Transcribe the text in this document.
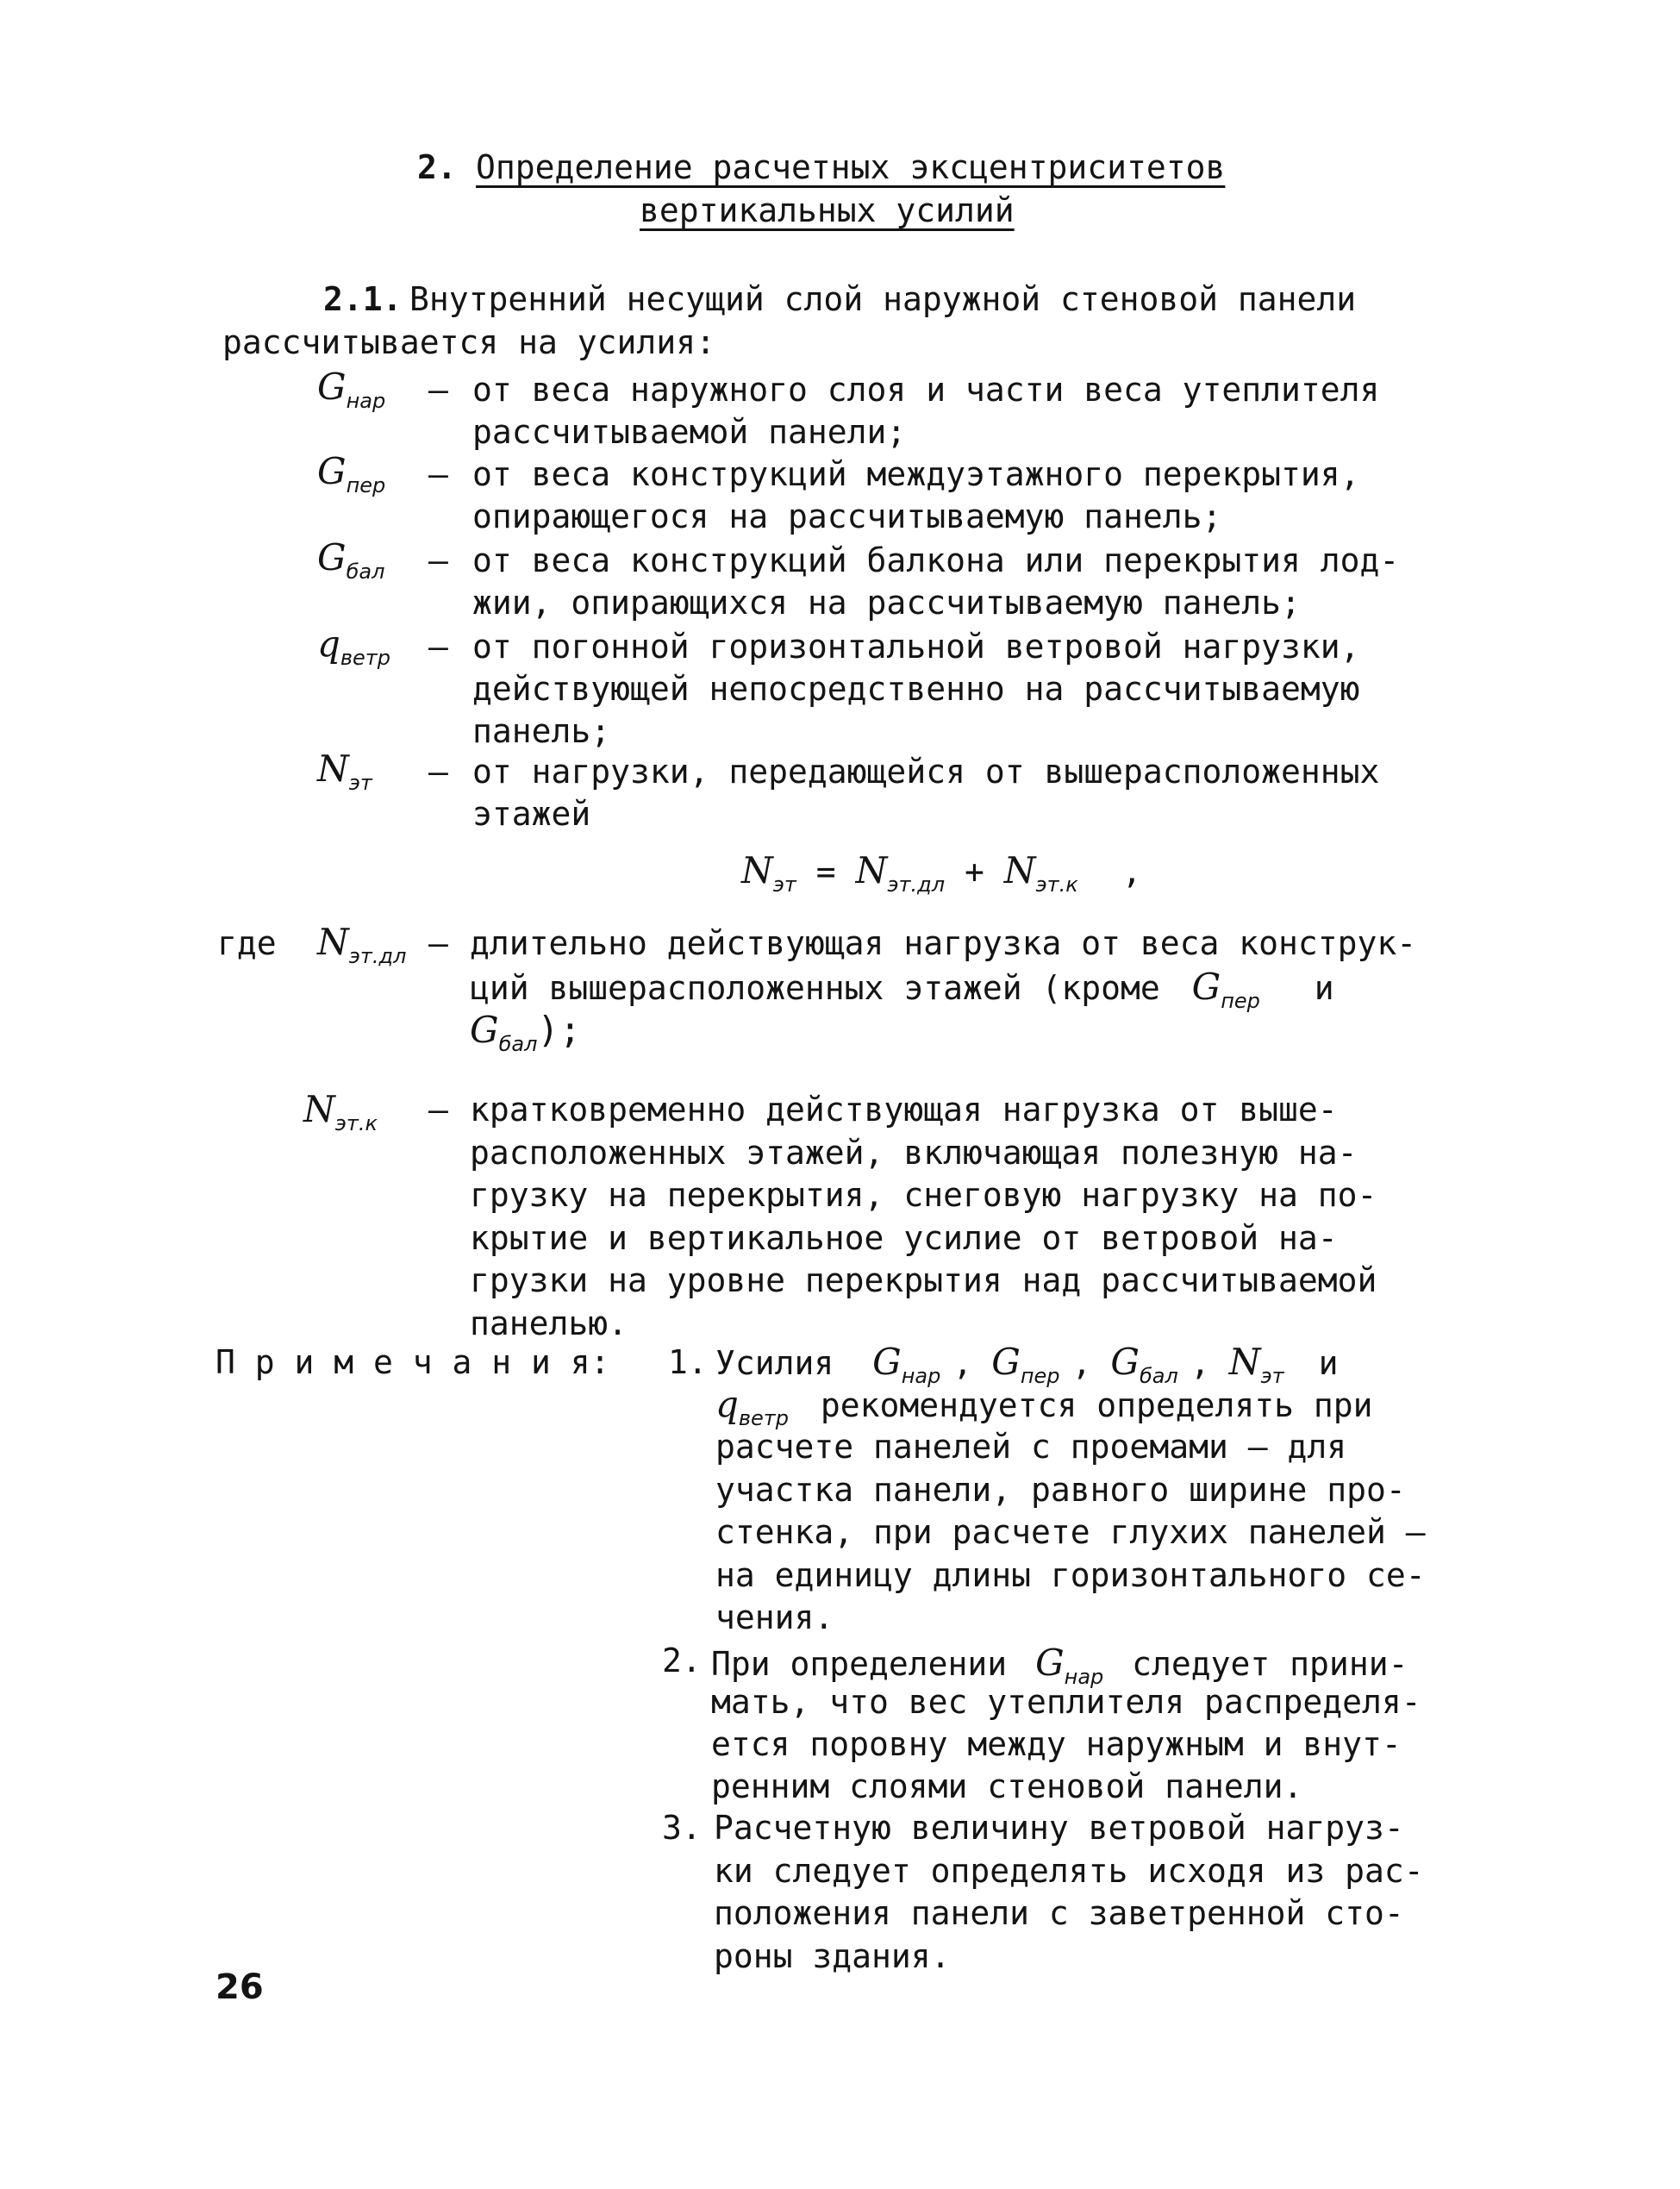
2. Определение расчетных эксцентриситетов
вертикальных усилий
2.1. Внутренний несущий слой наружной стеновой панели
рассчитывается на усилия:
$G_{нар}$ – от веса наружного слоя и части веса утеплителя
рассчитываемой панели;
$G_{пер}$ – от веса конструкций междуэтажного перекрытия,
опирающегося на рассчитываемую панель;
$G_{бал}$ – от веса конструкций балкона или перекрытия лод-
жии, опирающихся на рассчитываемую панель;
$q_{ветр}$ – от погонной горизонтальной ветровой нагрузки,
действующей непосредственно на рассчитываемую
панель;
$N_{эт}$ – от нагрузки, передающейся от вышерасположенных
этажей
$N_{эт} = N_{эт.дл} + N_{эт.к}$ ,
где $N_{эт.дл}$ – длительно действующая нагрузка от веса конструк-
ций вышерасположенных этажей (кроме $G_{пер}$ и
$G_{бал}$);
$N_{эт.к}$ – кратковременно действующая нагрузка от выше-
расположенных этажей, включающая полезную на-
грузку на перекрытия, снеговую нагрузку на по-
крытие и вертикальное усилие от ветровой на-
грузки на уровне перекрытия над рассчитываемой
панелью.
П р и м е ч а н и я: 1. Усилия $G_{нар}$ , $G_{пер}$ , $G_{бал}$ , $N_{эт}$ и
$q_{ветр}$ рекомендуется определять при
расчете панелей с проемами – для
участка панели, равного ширине про-
стенка, при расчете глухих панелей –
на единицу длины горизонтального се-
чения.
2. При определении $G_{нар}$ следует прини-
мать, что вес утеплителя распределя-
ется поровну между наружным и внут-
ренним слоями стеновой панели.
3. Расчетную величину ветровой нагруз-
ки следует определять исходя из рас-
положения панели с заветренной сто-
роны здания.
26
